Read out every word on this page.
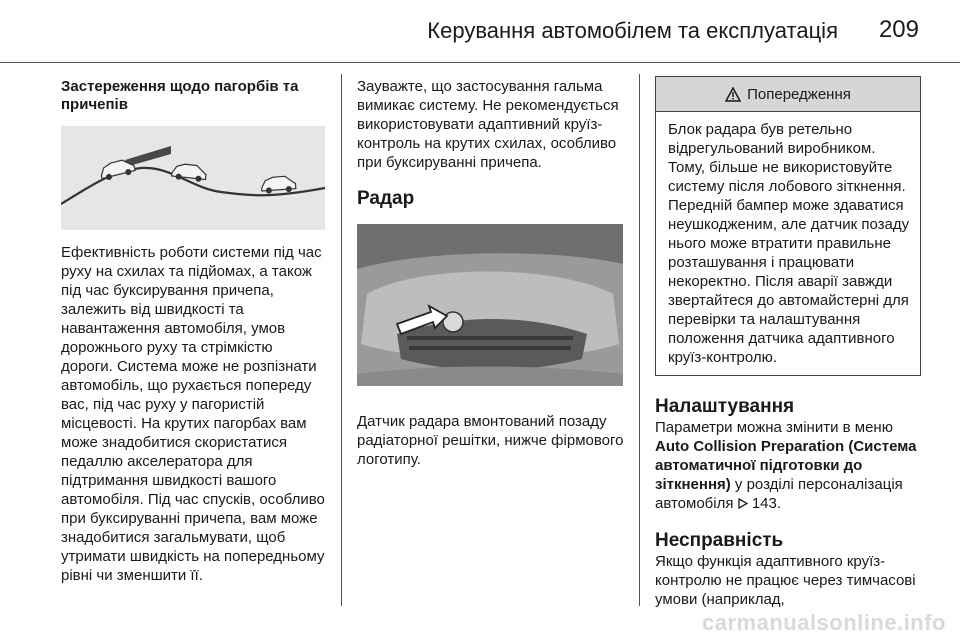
Керування автомобілем та експлуатація 209
Застереження щодо пагорбів та причепів

Ефективність роботи системи під час руху на схилах та підйомах, а також під час буксирування причепа, залежить від швидкості та навантаження автомобіля, умов дорожнього руху та стрімкістю дороги. Система може не розпізнати автомобіль, що рухається попереду вас, під час руху у пагористій місцевості. На крутих пагорбах вам може знадобитися скористатися педаллю акселератора для підтримання швидкості вашого автомобіля. Під час спусків, особливо при буксируванні причепа, вам може знадобитися загальмувати, щоб утримати швидкість на попередньому рівні чи зменшити її.

Зауважте, що застосування гальма вимикає систему. Не рекомендується використовувати адаптивний круїз-контроль на крутих схилах, особливо при буксируванні причепа.

Радар

Датчик радара вмонтований позаду радіаторної решітки, нижче фірмового логотипу.

Попередження

Блок радара був ретельно відрегульований виробником. Тому, більше не використовуйте систему після лобового зіткнення. Передній бампер може здаватися неушкодженим, але датчик позаду нього може втратити правильне розташування і працювати некоректно. Після аварії завжди звертайтеся до автомайстерні для перевірки та налаштування положення датчика адаптивного круїз-контролю.

Налаштування

Параметри можна змінити в меню Auto Collision Preparation (Система автоматичної підготовки до зіткнення) у розділі персоналізація автомобіля 143.

Несправність

Якщо функція адаптивного круїз-контролю не працює через тимчасові умови (наприклад,

carmanualsonline.info
